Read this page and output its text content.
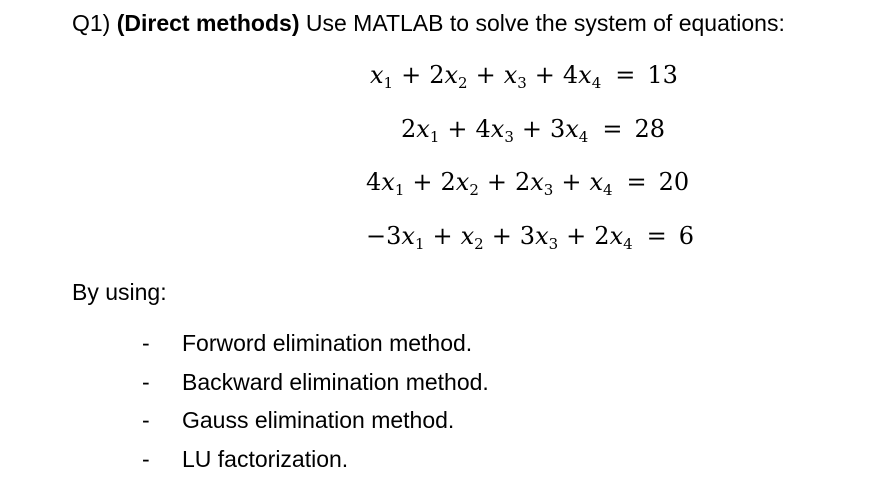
Q1) (Direct methods) Use MATLAB to solve the system of equations:
$x_1 + 2x_2 + x_3 + 4x_4 = 13$
$2x_1 + 4x_3 + 3x_4 = 28$
$4x_1 + 2x_2 + 2x_3 + x_4 = 20$
$-3x_1 + x_2 + 3x_3 + 2x_4 = 6$
By using:
- Forword elimination method.
- Backward elimination method.
- Gauss elimination method.
- LU factorization.
